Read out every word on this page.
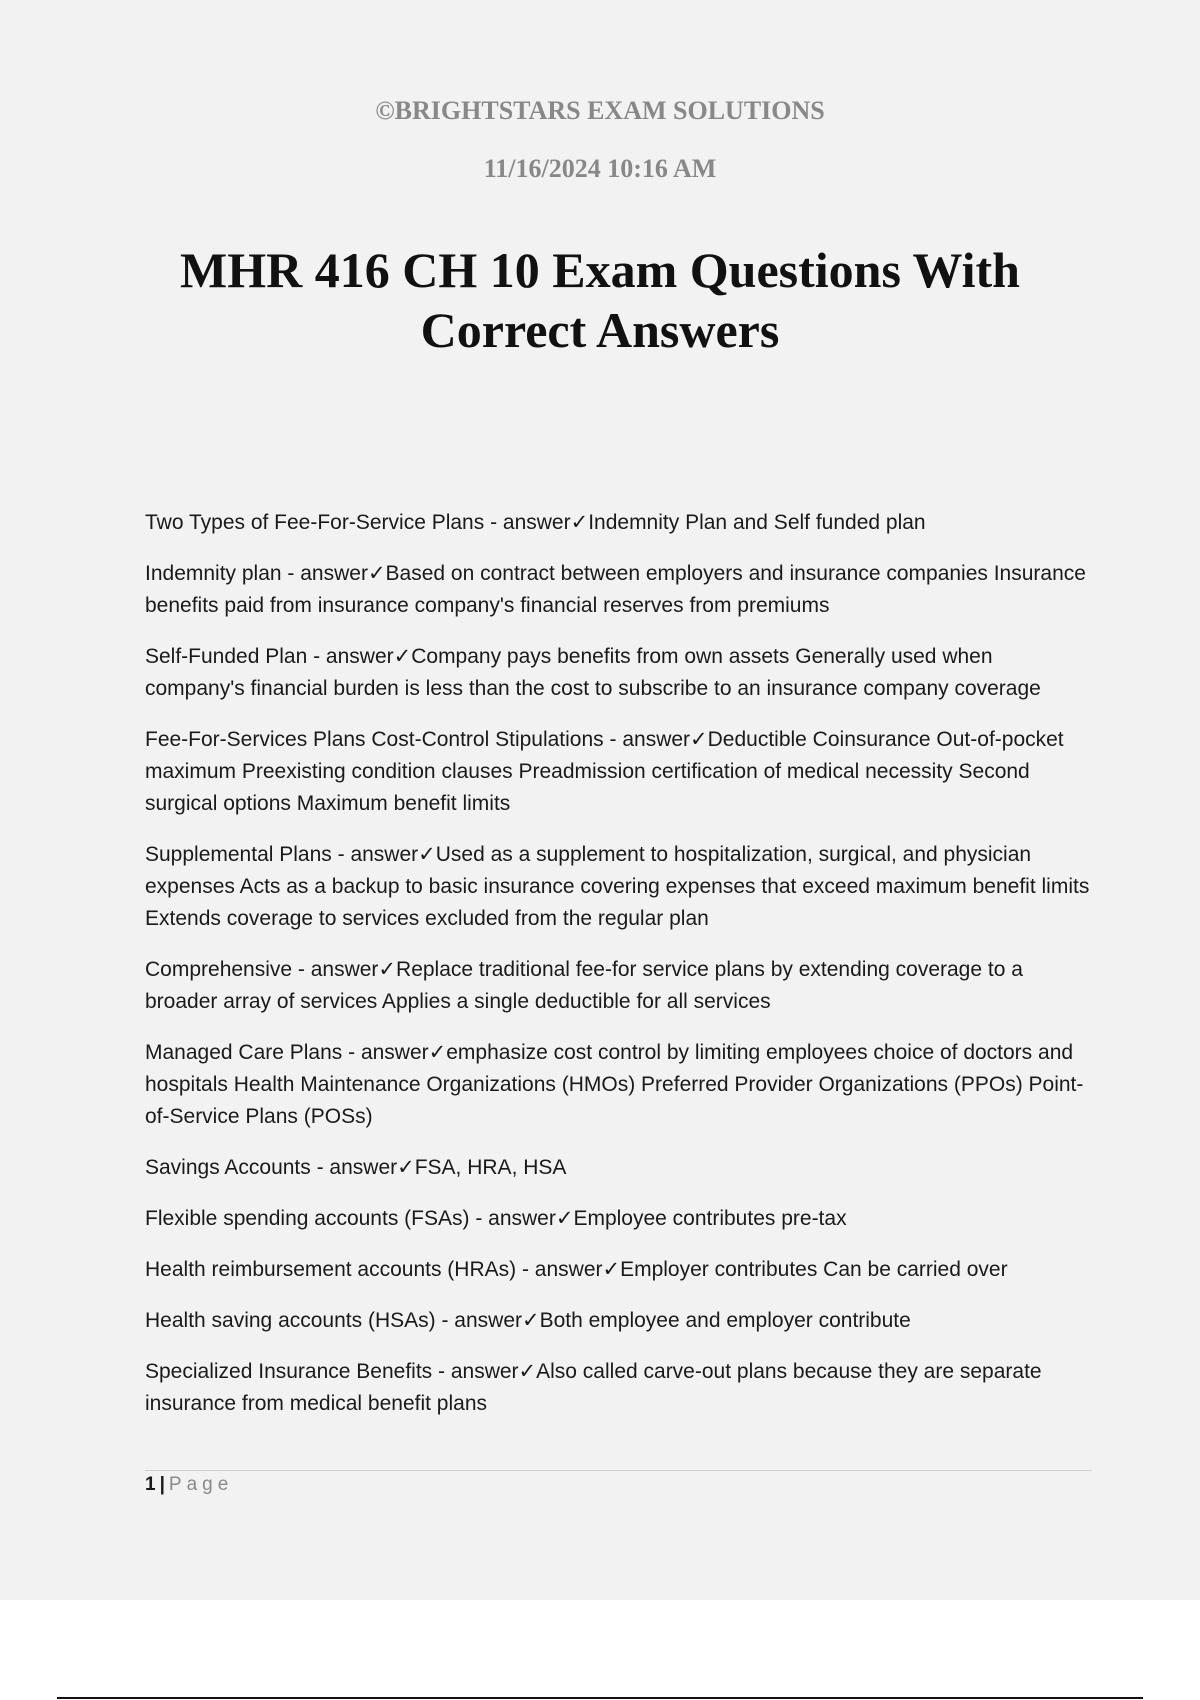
©BRIGHTSTARS EXAM SOLUTIONS

11/16/2024 10:16 AM

MHR 416 CH 10 Exam Questions With Correct Answers
Two Types of Fee-For-Service Plans - answer✓Indemnity Plan and Self funded plan
Indemnity plan - answer✓Based on contract between employers and insurance companies Insurance benefits paid from insurance company's financial reserves from premiums
Self-Funded Plan - answer✓Company pays benefits from own assets Generally used when company's financial burden is less than the cost to subscribe to an insurance company coverage
Fee-For-Services Plans Cost-Control Stipulations - answer✓Deductible Coinsurance Out-of-pocket maximum Preexisting condition clauses Preadmission certification of medical necessity Second surgical options Maximum benefit limits
Supplemental Plans - answer✓Used as a supplement to hospitalization, surgical, and physician expenses Acts as a backup to basic insurance covering expenses that exceed maximum benefit limits Extends coverage to services excluded from the regular plan
Comprehensive - answer✓Replace traditional fee-for service plans by extending coverage to a broader array of services Applies a single deductible for all services
Managed Care Plans - answer✓emphasize cost control by limiting employees choice of doctors and hospitals Health Maintenance Organizations (HMOs) Preferred Provider Organizations (PPOs) Point-of-Service Plans (POSs)
Savings Accounts - answer✓FSA, HRA, HSA
Flexible spending accounts (FSAs) - answer✓Employee contributes pre-tax
Health reimbursement accounts (HRAs) - answer✓Employer contributes Can be carried over
Health saving accounts (HSAs) - answer✓Both employee and employer contribute
Specialized Insurance Benefits - answer✓Also called carve-out plans because they are separate insurance from medical benefit plans
1 | Page
